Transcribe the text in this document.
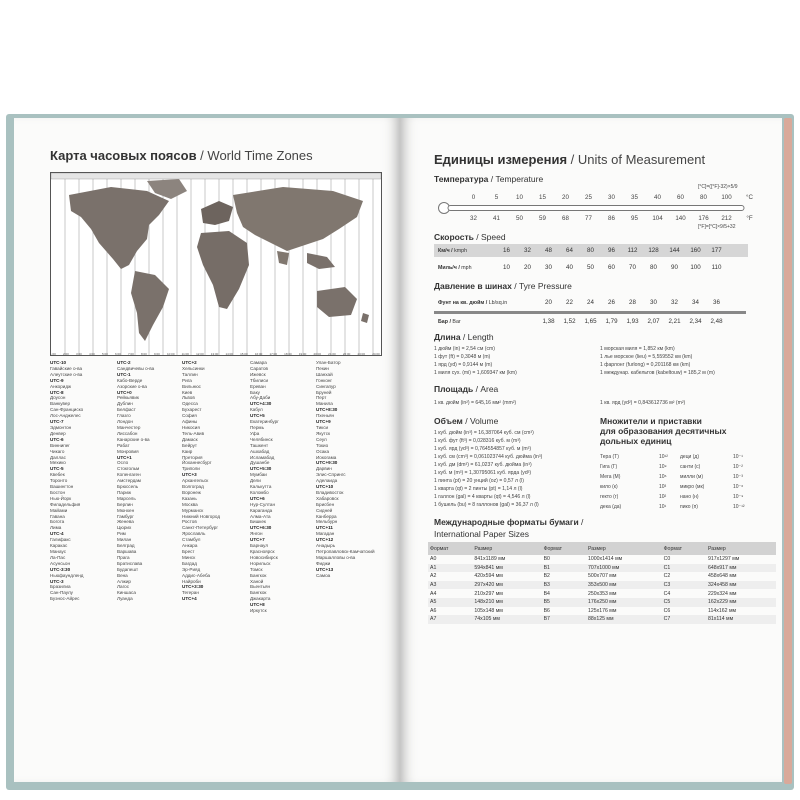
Карта часовых поясов / World Time Zones
1:00 2:00 3:00 4:00 5:00 6:00 7:00 8:00 9:00 10:00 11:00 12:00 13:00 14:00 15:00 16:00 17:00 18:00 19:00 20:00 21:00 22:00 23:00 24:00
UTC-10
Гавайские о-ва
Алеутские о-ва
UTC-9
Анкоридж
UTC-8
Доусон
Ванкувер
Сан-Франциско
Лос-Анджелес
UTC-7
Эдмонтон
Денвер
UTC-6
Виннипег
Чикаго
Даллас
Мехико
UTC-5
Квебек
Торонто
Вашингтон
Бостон
Нью-Йорк
Филадельфия
Майами
Гавана
Богота
Лима
UTC-4
Галифакс
Каракас
Манаус
Ла-Пас
Асунсьон
UTC-3:30
Ньюфаундленд
UTC-3
Бразилиа
Сан-Паулу
Буэнос-Айрес
UTC-2
Сандвичевы о-ва
UTC-1
Кабо-Верде
Азорские о-ва
UTC+0
Рейкьявик
Дублин
Белфаст
Глазго
Лондон
Манчестер
Лиссабон
Канарские о-ва
Рабат
Монровия
UTC+1
Осло
Стокгольм
Копенгаген
Амстердам
Брюссель
Париж
Марсель
Берлин
Мюнхен
Гамбург
Женева
Цюрих
Рим
Милан
Белград
Варшава
Прага
Братислава
Будапешт
Вена
Алжир
Лагос
Киншаса
Луанда
UTC+2
Хельсинки
Таллин
Рига
Вильнюс
Киев
Львов
Одесса
Бухарест
София
Афины
Никосия
Тель-Авив
Дамаск
Бейрут
Каир
Претория
Йоханнесбург
Триполи
UTC+3
Архангельск
Волгоград
Воронеж
Казань
Москва
Мурманск
Нижний Новгород
Ростов
Санкт-Петербург
Ярославль
Стамбул
Анкара
Брест
Минск
Багдад
Эр-Рияд
Аддис-Абеба
Найроби
UTC+3:30
Тегеран
UTC+4
Самара
Саратов
Ижевск
Тбилиси
Ереван
Баку
Абу-Даби
UTC+4:30
Кабул
UTC+5
Екатеринбург
Пермь
Уфа
Челябинск
Ташкент
Ашхабад
Исламабад
Душанбе
UTC+5:30
Мумбаи
Дели
Калькутта
Коломбо
UTC+6
Нур-Султан
Караганда
Алма-Ата
Бишкек
UTC+6:30
Янгон
UTC+7
Барнаул
Красноярск
Новосибирск
Норильск
Томск
Бангкок
Ханой
Вьентьян
Бангкок
Джакарта
UTC+8
Иркутск
Улан-Батор
Пекин
Шанхай
Гонконг
Сингапур
Бруней
Перт
Манила
UTC+8:30
Пхеньян
UTC+9
Тикси
Якутск
Сеул
Токио
Осака
Иокогама
UTC+9:30
Дарвин
Элис-Спрингс
Аделаида
UTC+10
Владивосток
Хабаровск
Брисбен
Сидней
Канберра
Мельбурн
UTC+11
Магадан
UTC+12
Анадырь
Петропавловск-Камчатский
Маршалловы о-ва
Фиджи
UTC+13
Самоа
Единицы измерения / Units of Measurement
Температура / Temperature
[°C]=([°F]-32)×5/9
0	5	10	15	20	25	30	35	40	60	80	100	°C
32	41	50	59	68	77	86	95	104	140	176	212	°F
[°F]=[°C]×9/5+32
Скорость / Speed
Км/ч / kmph	16	32	48	64	80	96	112	128	144	160	177
Миль/ч / mph	10	20	30	40	50	60	70	80	90	100	110
Давление в шинах / Tyre Pressure
Фунт на кв. дюйм / Lb/sq.in	20	22	24	26	28	30	32	34	36
Бар / Bar	1,38	1,52	1,65	1,79	1,93	2,07	2,21	2,34	2,48
Длина / Length
1 дюйм (in) = 2,54 см (cm)
1 фут (ft) = 0,3048 м (m)
1 ярд (yd) = 0,9144 м (m)
1 миля сух. (mi) = 1,609347 км (km)
1 морская миля = 1,852 км (km)
1 лье морское (lieu) = 5,559552 км (km)
1 фарлонг (furlong) = 0,201168 км (km)
1 междунар. кабельтов (kabeltouw) = 185,2 м (m)
Площадь / Area
1 кв. дюйм (in²) = 645,16 мм² (mm²)	1 кв. ярд (yd²) = 0,843612736 м² (m²)
Объем / Volume
1 куб. дюйм (in³) = 16,387064 куб. см (cm³)
1 куб. фут (ft³) = 0,028316 куб. м (m³)
1 куб. ярд (yd³) = 0,764554857 куб. м (m³)
1 куб. см (cm³) = 0,061023744 куб. дюйма (in³)
1 куб. дм (dm³) = 61,0237 куб. дюйма (in³)
1 куб. м (m³) = 1,30795061 куб. ярда (yd³)
1 пинта (pt) = 20 унций (oz) = 0,57 л (l)
1 кварта (qt) = 2 пинты (pt) = 1,14 л (l)
1 галлон (gal) = 4 кварты (qt) = 4,546 л (l)
1 бушель (bu) = 8 галлонов (gal) = 36,37 л (l)
Множители и приставки
для образования десятичных
дольных единиц
Тера (Т)	10¹²
Гига (Г)	10⁹
Мега (М)	10⁶
кило (к)	10³
гекто (г)	10²
дека (да)	10¹
деци (д)	10⁻¹
санти (с)	10⁻²
милли (м)	10⁻³
микро (мк)	10⁻⁶
нано (н)	10⁻⁹
пико (п)	10⁻¹²
Международные форматы бумаги /
International Paper Sizes
Формат	Размер	Формат	Размер	Формат	Размер
A0	841x1189 мм	B0	1000x1414 мм	C0	917x1297 мм
A1	594x841 мм	B1	707x1000 мм	C1	648x917 мм
A2	420x594 мм	B2	500x707 мм	C2	458x648 мм
A3	297x420 мм	B3	353x500 мм	C3	324x458 мм
A4	210x297 мм	B4	250x353 мм	C4	229x324 мм
A5	148x210 мм	B5	176x250 мм	C5	162x229 мм
A6	105x148 мм	B6	125x176 мм	C6	114x162 мм
A7	74x105 мм	B7	88x125 мм	C7	81x114 мм
